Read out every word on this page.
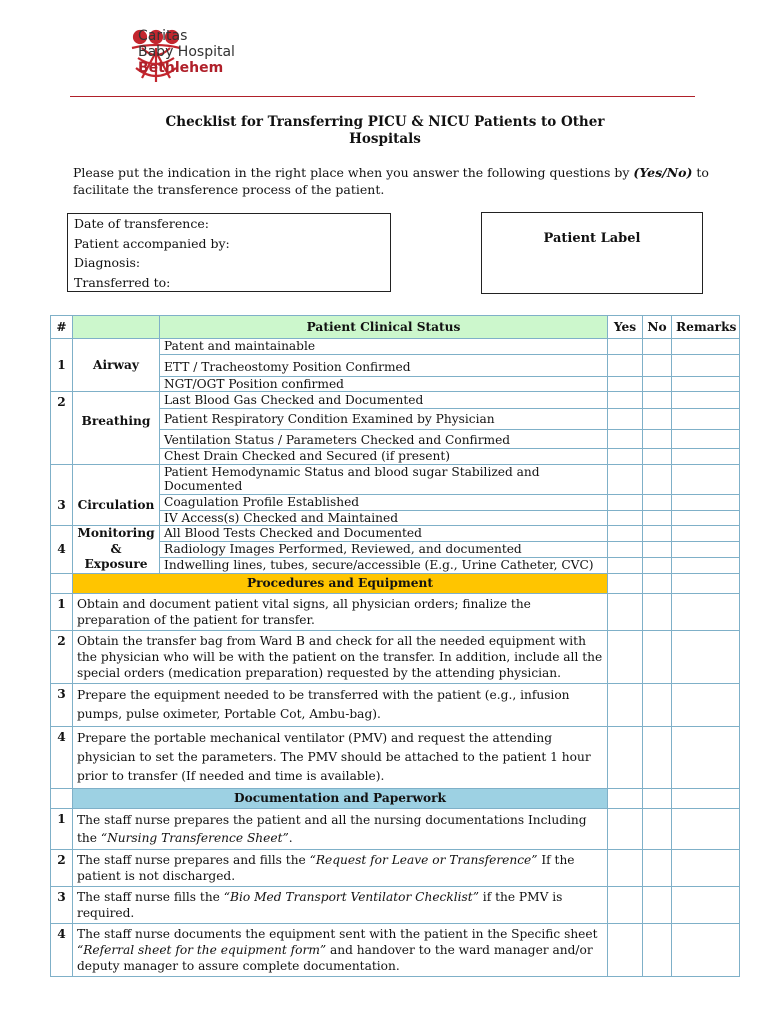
Caritas
Baby Hospital
Bethlehem
Checklist for Transferring PICU & NICU Patients to Other
Hospitals
Please put the indication in the right place when you answer the following questions by (Yes/No) to facilitate the transference process of the patient.
Date of transference:
Patient accompanied by:
Diagnosis:
Transferred to:
Patient Label
#		Patient Clinical Status	Yes	No	Remarks
1	Airway	Patent and maintainable			
		ETT / Tracheostomy Position Confirmed			
		NGT/OGT Position confirmed			
2	Breathing	Last Blood Gas Checked and Documented			
		Patient Respiratory Condition Examined by Physician			
		Ventilation Status / Parameters Checked and Confirmed			
		Chest Drain Checked and Secured (if present)			

3	Circulation	Patient Hemodynamic Status and blood sugar Stabilized and Documented			
		Coagulation Profile Established			
		IV Access(s) Checked and Maintained			
4	Monitoring & Exposure	All Blood Tests Checked and Documented			
		Radiology Images Performed, Reviewed, and documented			
		Indwelling lines, tubes, secure/accessible (E.g., Urine Catheter, CVC)			
	Procedures and Equipment				
1	Obtain and document patient vital signs, all physician orders; finalize the preparation of the patient for transfer.				
2	Obtain the transfer bag from Ward B and check for all the needed equipment with the physician who will be with the patient on the transfer. In addition, include all the special orders (medication preparation) requested by the attending physician.				
3	Prepare the equipment needed to be transferred with the patient (e.g., infusion pumps, pulse oximeter, Portable Cot, Ambu-bag).				
4	Prepare the portable mechanical ventilator (PMV) and request the attending physician to set the parameters. The PMV should be attached to the patient 1 hour prior to transfer (If needed and time is available).				
	Documentation and Paperwork				
1	The staff nurse prepares the patient and all the nursing documentations Including the “Nursing Transference Sheet”.				
2	The staff nurse prepares and fills the “Request for Leave or Transference” If the patient is not discharged.				
3	The staff nurse fills the “Bio Med Transport Ventilator Checklist” if the PMV is required.				
4	The staff nurse documents the equipment sent with the patient in the Specific sheet “Referral sheet for the equipment form” and handover to the ward manager and/or deputy manager to assure complete documentation.				
